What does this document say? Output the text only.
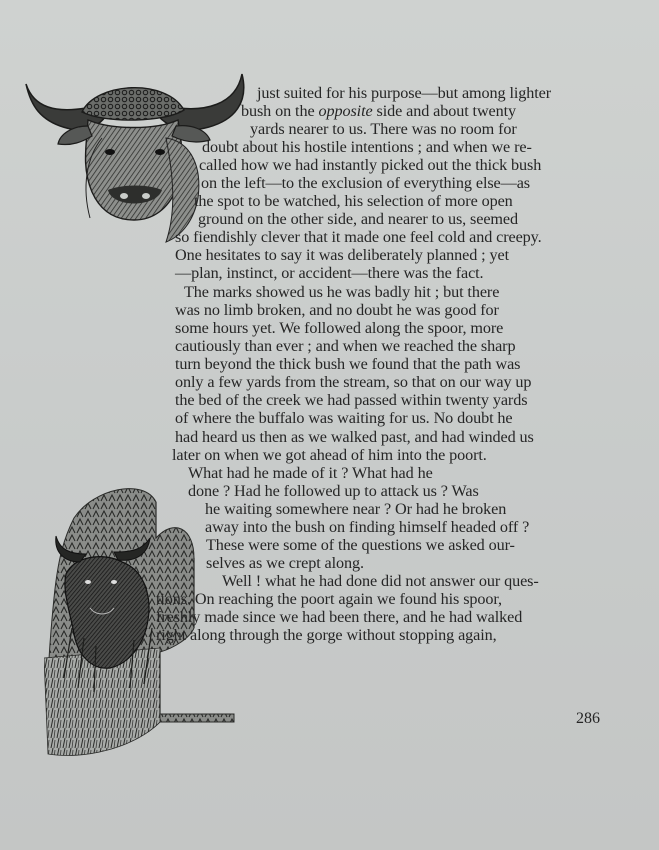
just suited for his purpose—but among lighter

bush on the opposite side and about twenty

yards nearer to us. There was no room for

doubt about his hostile intentions ; and when we re-

called how we had instantly picked out the thick bush

on the left—to the exclusion of everything else—as

the spot to be watched, his selection of more open

ground on the other side, and nearer to us, seemed

so fiendishly clever that it made one feel cold and creepy.

One hesitates to say it was deliberately planned ; yet

—plan, instinct, or accident—there was the fact.

The marks showed us he was badly hit ; but there

was no limb broken, and no doubt he was good for

some hours yet. We followed along the spoor, more

cautiously than ever ; and when we reached the sharp

turn beyond the thick bush we found that the path was

only a few yards from the stream, so that on our way up

the bed of the creek we had passed within twenty yards

of where the buffalo was waiting for us. No doubt he

had heard us then as we walked past, and had winded us

later on when we got ahead of him into the poort.

What had he made of it ? What had he

done ? Had he followed up to attack us ? Was

he waiting somewhere near ? Or had he broken

away into the bush on finding himself headed off ?

These were some of the questions we asked our-

selves as we crept along.

Well ! what he had done did not answer our ques-

tions. On reaching the poort again we found his spoor,

freshly made since we had been there, and he had walked

right along through the gorge without stopping again,

286
